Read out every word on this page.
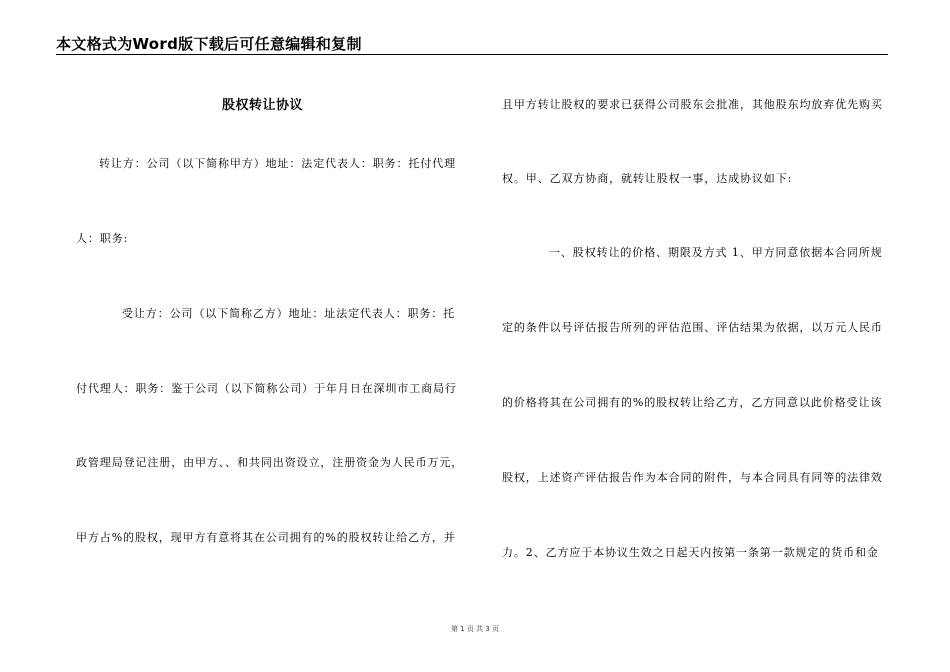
本文格式为Word版下载后可任意编辑和复制
股权转让协议
转让方：公司（以下简称甲方）地址：法定代表人：职务：托付代理
人：职务:
受让方：公司（以下简称乙方）地址：址法定代表人：职务：托
付代理人：职务：鉴于公司（以下简称公司）于年月日在深圳市工商局行
政管理局登记注册，由甲方、、和共同出资设立，注册资金为人民币万元，
甲方占%的股权，现甲方有意将其在公司拥有的%的股权转让给乙方，并
且甲方转让股权的要求已获得公司股东会批准，其他股东均放弃优先购买
权。甲、乙双方协商，就转让股权一事，达成协议如下:
一、股权转让的价格、期限及方式 1、甲方同意依据本合同所规
定的条件以号评估报告所列的评估范围、评估结果为依据，以万元人民币
的价格将其在公司拥有的%的股权转让给乙方，乙方同意以此价格受让该
股权，上述资产评估报告作为本合同的附件，与本合同具有同等的法律效
力。2、乙方应于本协议生效之日起天内按第一条第一款规定的货币和金
第 1 页 共 3 页
